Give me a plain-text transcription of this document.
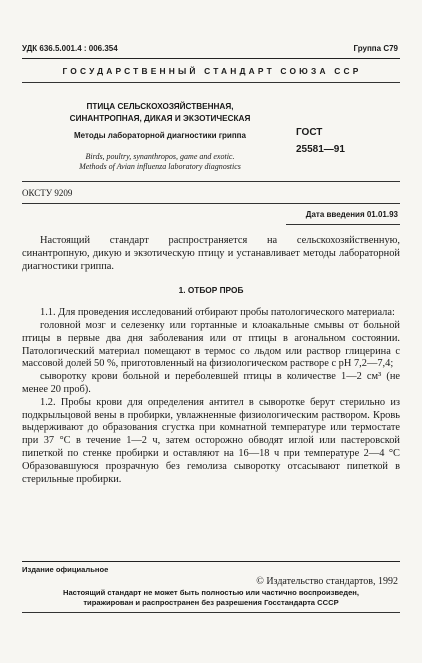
УДК 636.5.001.4 : 006.354	Группа С79
ГОСУДАРСТВЕННЫЙ СТАНДАРТ СОЮЗА ССР
ПТИЦА СЕЛЬСКОХОЗЯЙСТВЕННАЯ,
СИНАНТРОПНАЯ, ДИКАЯ И ЭКЗОТИЧЕСКАЯ
Методы лабораторной диагностики гриппа
Birds, poultry, synanthropos, game and exotic.
Methods of Avian influenza laboratory diagnostics
ГОСТ
25581—91
ОКСТУ 9209
Дата введения 01.01.93

Настоящий стандарт распространяется на сельскохозяйственную, синантропную, дикую и экзотическую птицу и устанавливает методы лабораторной диагностики гриппа.

1. ОТБОР ПРОБ

1.1. Для проведения исследований отбирают пробы патологического материала:

головной мозг и селезенку или гортанные и клоакальные смывы от больной птицы в первые два дня заболевания или от птицы в агональном состоянии. Патологический материал помещают в термос со льдом или раствор глицерина с массовой долей 50 %, приготовленный на физиологическом растворе с pH 7,2—7,4;

сыворотку крови больной и переболевшей птицы в количестве 1—2 см³ (не менее 20 проб).

1.2. Пробы крови для определения антител в сыворотке берут стерильно из подкрыльцовой вены в пробирки, увлажненные физиологическим раствором. Кровь выдерживают до образования сгустка при комнатной температуре или термостате при 37 °С в течение 1—2 ч, затем осторожно обводят иглой или пастеровской пипеткой по стенке пробирки и оставляют на 16—18 ч при температуре 2—4 °С Образовавшуюся прозрачную без гемолиза сыворотку отсасывают пипеткой в стерильные пробирки.

Издание официальное
© Издательство стандартов, 1992
Настоящий стандарт не может быть полностью или частично воспроизведен,
тиражирован и распространен без разрешения Госстандарта СССР
